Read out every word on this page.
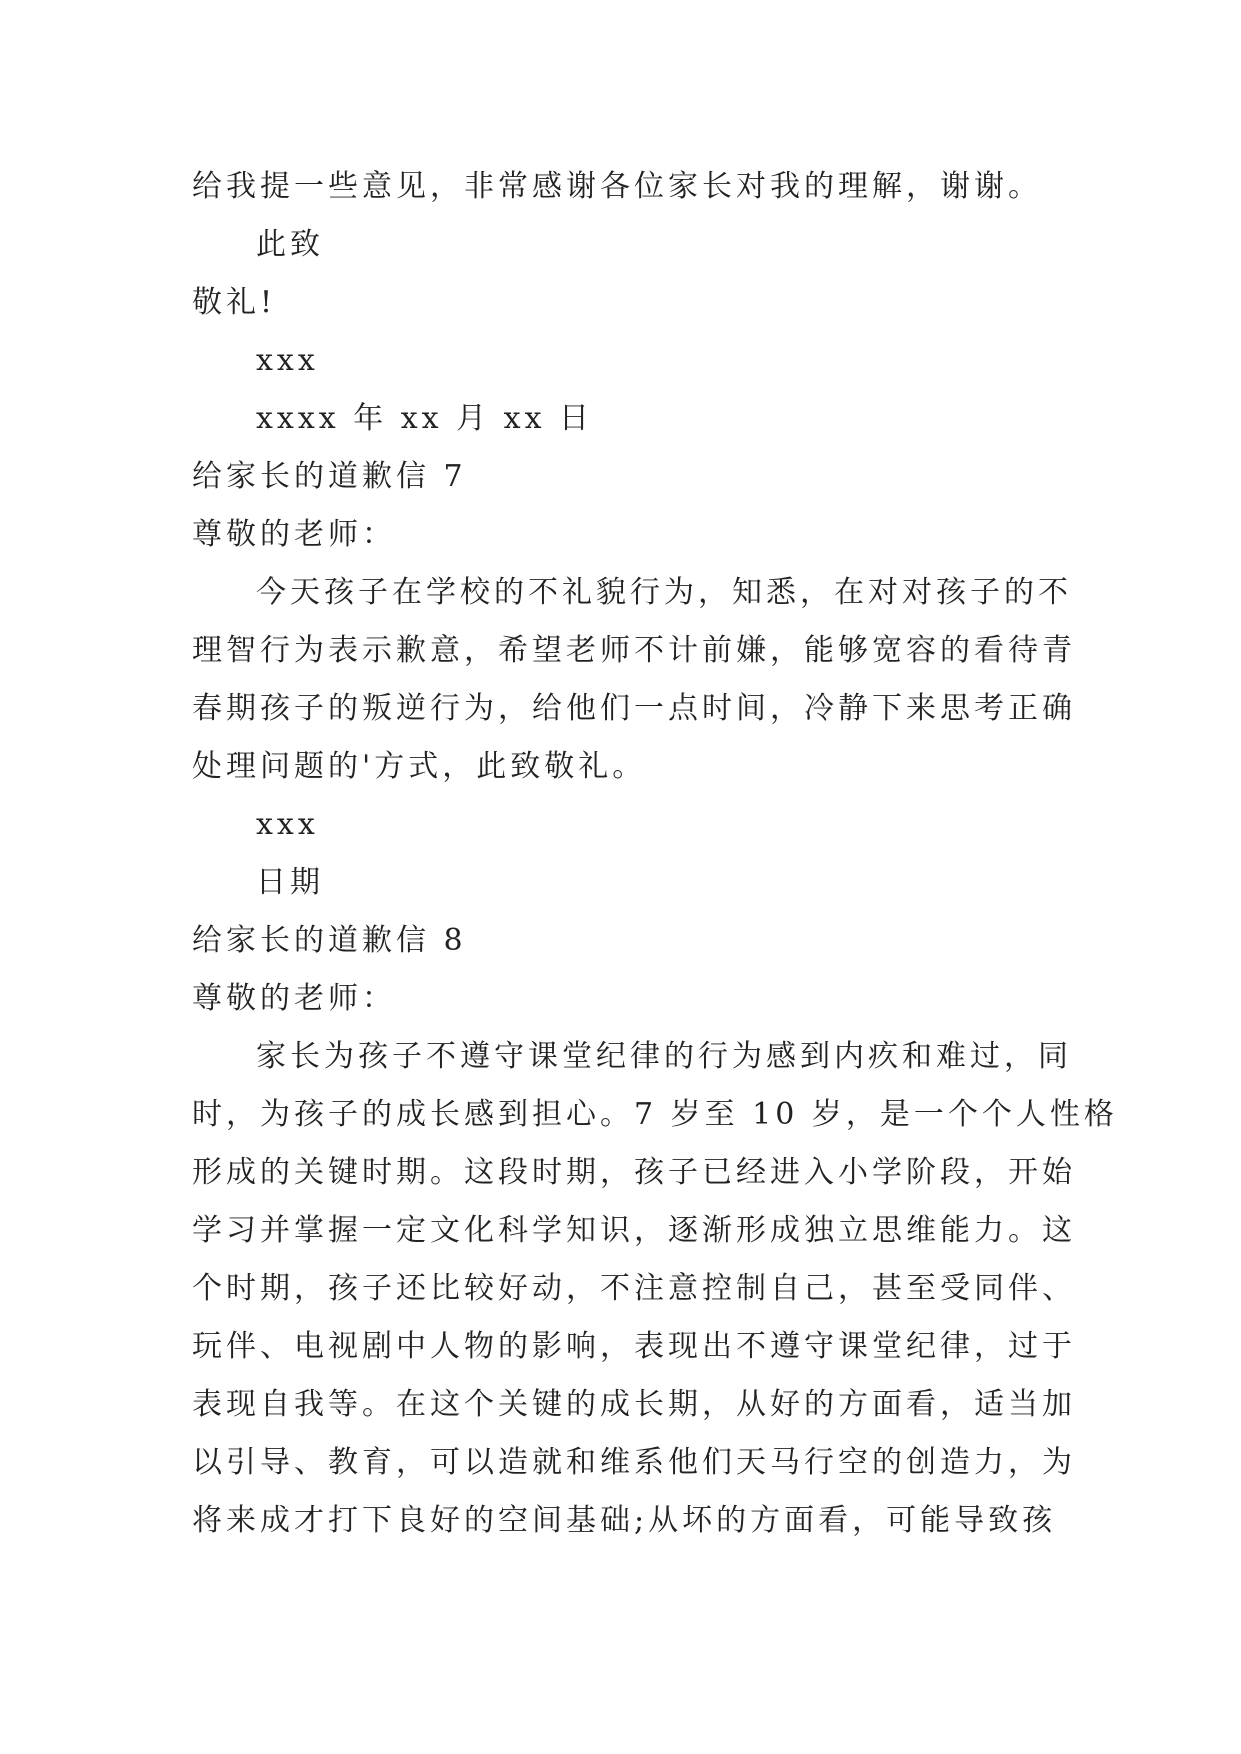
给我提一些意见，非常感谢各位家长对我的理解，谢谢。
此致
敬礼!
xxx
xxxx 年 xx 月 xx 日
给家长的道歉信 7
尊敬的老师：
今天孩子在学校的不礼貌行为，知悉，在对对孩子的不
理智行为表示歉意，希望老师不计前嫌，能够宽容的看待青
春期孩子的叛逆行为，给他们一点时间，冷静下来思考正确
处理问题的'方式，此致敬礼。
xxx
日期
给家长的道歉信 8
尊敬的老师：
家长为孩子不遵守课堂纪律的行为感到内疚和难过，同
时，为孩子的成长感到担心。7 岁至 10 岁，是一个个人性格
形成的关键时期。这段时期，孩子已经进入小学阶段，开始
学习并掌握一定文化科学知识，逐渐形成独立思维能力。这
个时期，孩子还比较好动，不注意控制自己，甚至受同伴、
玩伴、电视剧中人物的影响，表现出不遵守课堂纪律，过于
表现自我等。在这个关键的成长期，从好的方面看，适当加
以引导、教育，可以造就和维系他们天马行空的创造力，为
将来成才打下良好的空间基础;从坏的方面看，可能导致孩
